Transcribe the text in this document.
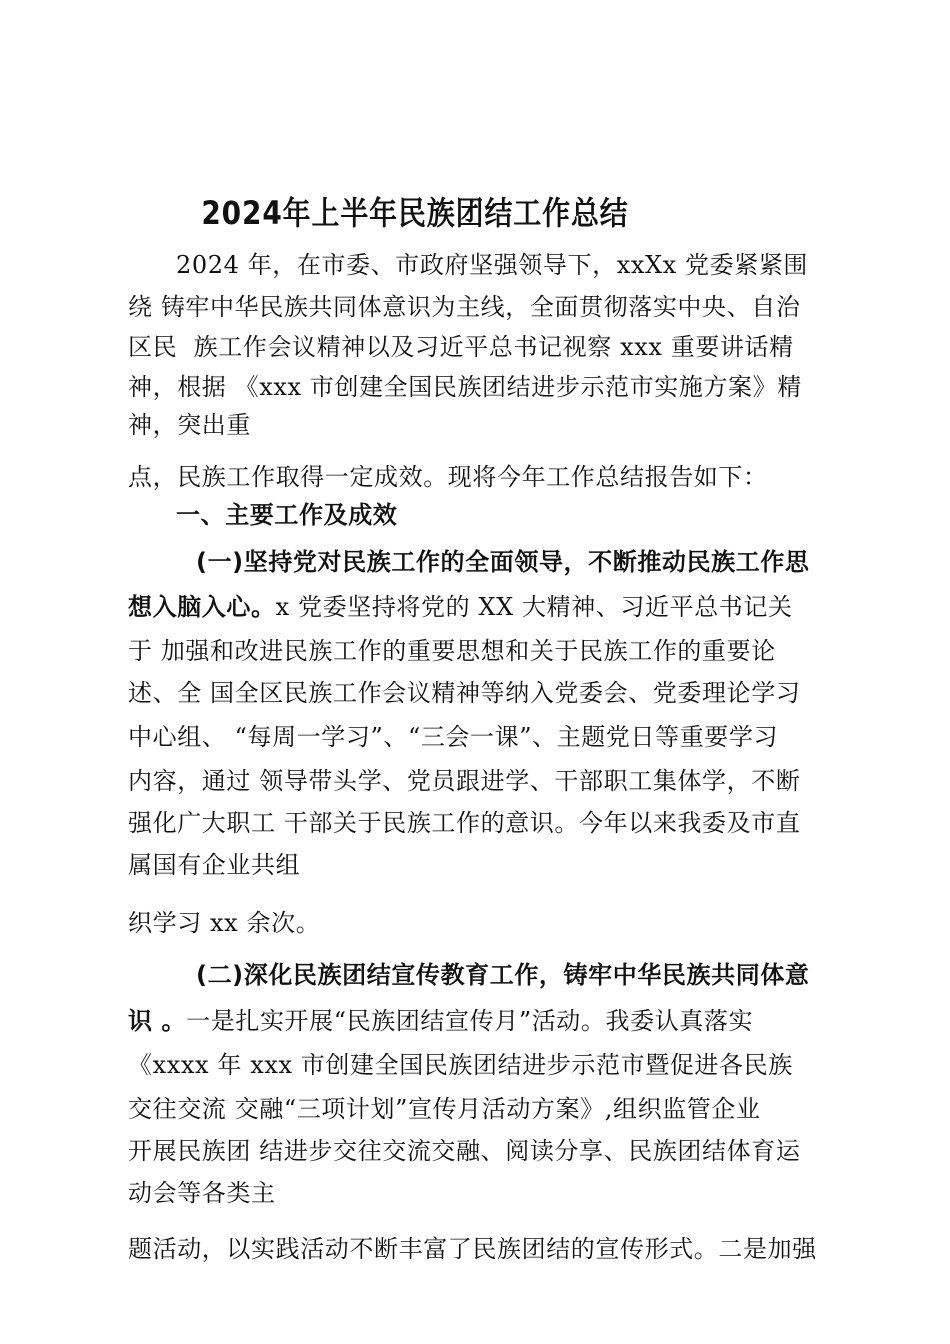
2024年上半年民族团结工作总结
2024 年，在市委、市政府坚强领导下，xxXx 党委紧紧围
绕 铸牢中华民族共同体意识为主线，全面贯彻落实中央、自治
区民  族工作会议精神以及习近平总书记视察 xxx 重要讲话精
神，根据 《xxx 市创建全国民族团结进步示范市实施方案》精
神，突出重
点，民族工作取得一定成效。现将今年工作总结报告如下：
一、主要工作及成效
(一)坚持党对民族工作的全面领导，不断推动民族工作思
想入脑入心。x 党委坚持将党的 XX 大精神、习近平总书记关
于 加强和改进民族工作的重要思想和关于民族工作的重要论
述、全 国全区民族工作会议精神等纳入党委会、党委理论学习
中心组、 “每周一学习”、“三会一课”、主题党日等重要学习
内容，通过 领导带头学、党员跟进学、干部职工集体学，不断
强化广大职工 干部关于民族工作的意识。今年以来我委及市直
属国有企业共组
织学习 xx 余次。
(二)深化民族团结宣传教育工作，铸牢中华民族共同体意
识 。一是扎实开展“民族团结宣传月”活动。我委认真落实
《xxxx 年 xxx 市创建全国民族团结进步示范市暨促进各民族
交往交流 交融“三项计划”宣传月活动方案》,组织监管企业
开展民族团 结进步交往交流交融、阅读分享、民族团结体育运
动会等各类主
题活动，以实践活动不断丰富了民族团结的宣传形式。二是加强
